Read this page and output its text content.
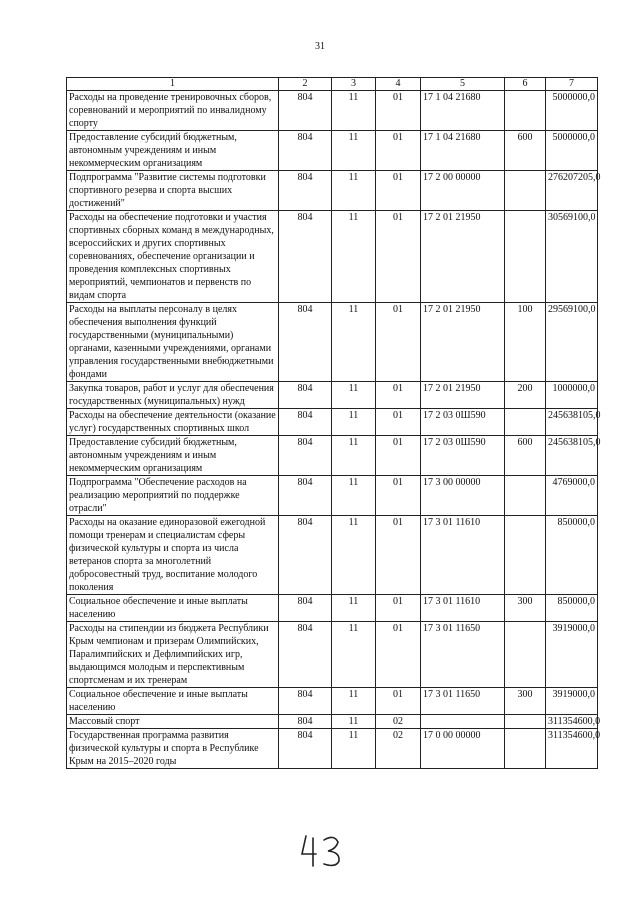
31
1	2	3	4	5	6	7
Расходы на проведение тренировочных сборов, соревнований и мероприятий по инвалидному спорту	804	11	01	17 1 04 21680		5000000,0
Предоставление субсидий бюджетным, автономным учреждениям и иным некоммерческим организациям	804	11	01	17 1 04 21680	600	5000000,0
Подпрограмма "Развитие системы подготовки спортивного резерва и спорта высших достижений"	804	11	01	17 2 00 00000		276207205,0
Расходы на обеспечение подготовки и участия спортивных сборных команд в международных, всероссийских и других спортивных соревнованиях, обеспечение организации и проведения комплексных спортивных мероприятий, чемпионатов и первенств по видам спорта	804	11	01	17 2 01 21950		30569100,0
Расходы на выплаты персоналу в целях обеспечения выполнения функций государственными (муниципальными) органами, казенными учреждениями, органами управления государственными внебюджетными фондами	804	11	01	17 2 01 21950	100	29569100,0
Закупка товаров, работ и услуг для обеспечения государственных (муниципальных) нужд	804	11	01	17 2 01 21950	200	1000000,0
Расходы на обеспечение деятельности (оказание услуг) государственных спортивных школ	804	11	01	17 2 03 0Ш590		245638105,0
Предоставление субсидий бюджетным, автономным учреждениям и иным некоммерческим организациям	804	11	01	17 2 03 0Ш590	600	245638105,0
Подпрограмма "Обеспечение расходов на реализацию мероприятий по поддержке отрасли"	804	11	01	17 3 00 00000		4769000,0
Расходы на оказание единоразовой ежегодной помощи тренерам и специалистам сферы физической культуры и спорта из числа ветеранов спорта за многолетний добросовестный труд, воспитание молодого поколения	804	11	01	17 3 01 11610		850000,0
Социальное обеспечение и иные выплаты населению	804	11	01	17 3 01 11610	300	850000,0
Расходы на стипендии из бюджета Республики Крым чемпионам и призерам Олимпийских, Паралимпийских и Дефлимпийских игр, выдающимся молодым и перспективным спортсменам и их тренерам	804	11	01	17 3 01 11650		3919000,0
Социальное обеспечение и иные выплаты населению	804	11	01	17 3 01 11650	300	3919000,0
Массовый спорт	804	11	02			311354600,0
Государственная программа развития физической культуры и спорта в Республике Крым на 2015–2020 годы	804	11	02	17 0 00 00000		311354600,0
